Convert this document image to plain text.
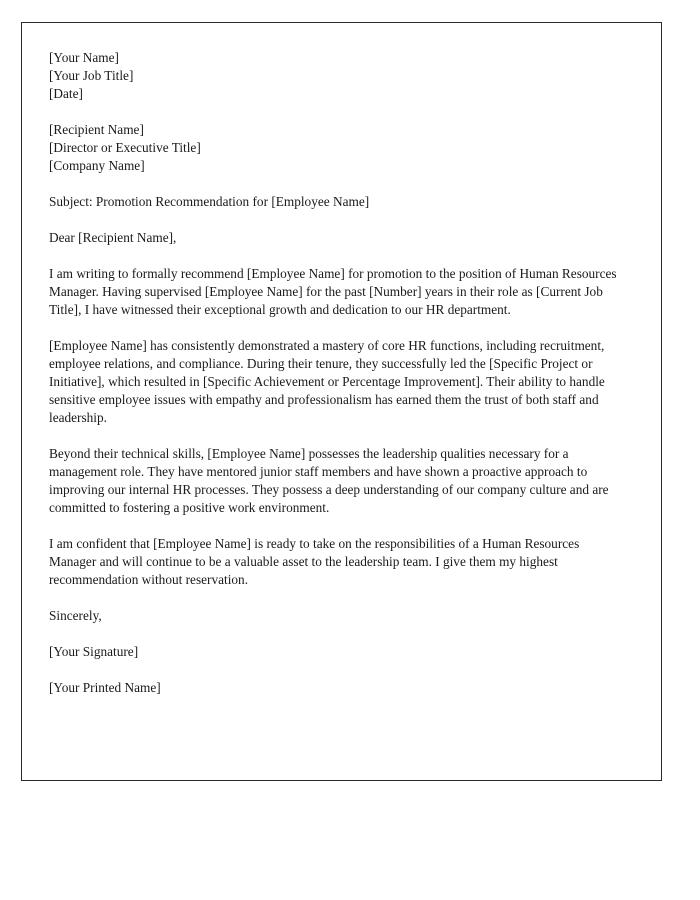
[Your Name]
[Your Job Title]
[Date]
[Recipient Name]
[Director or Executive Title]
[Company Name]
Subject: Promotion Recommendation for [Employee Name]
Dear [Recipient Name],

I am writing to formally recommend [Employee Name] for promotion to the position of Human Resources Manager. Having supervised [Employee Name] for the past [Number] years in their role as [Current Job Title], I have witnessed their exceptional growth and dedication to our HR department.

[Employee Name] has consistently demonstrated a mastery of core HR functions, including recruitment, employee relations, and compliance. During their tenure, they successfully led the [Specific Project or Initiative], which resulted in [Specific Achievement or Percentage Improvement]. Their ability to handle sensitive employee issues with empathy and professionalism has earned them the trust of both staff and leadership.

Beyond their technical skills, [Employee Name] possesses the leadership qualities necessary for a management role. They have mentored junior staff members and have shown a proactive approach to improving our internal HR processes. They possess a deep understanding of our company culture and are committed to fostering a positive work environment.

I am confident that [Employee Name] is ready to take on the responsibilities of a Human Resources Manager and will continue to be a valuable asset to the leadership team. I give them my highest recommendation without reservation.

Sincerely,
[Your Signature]
[Your Printed Name]
